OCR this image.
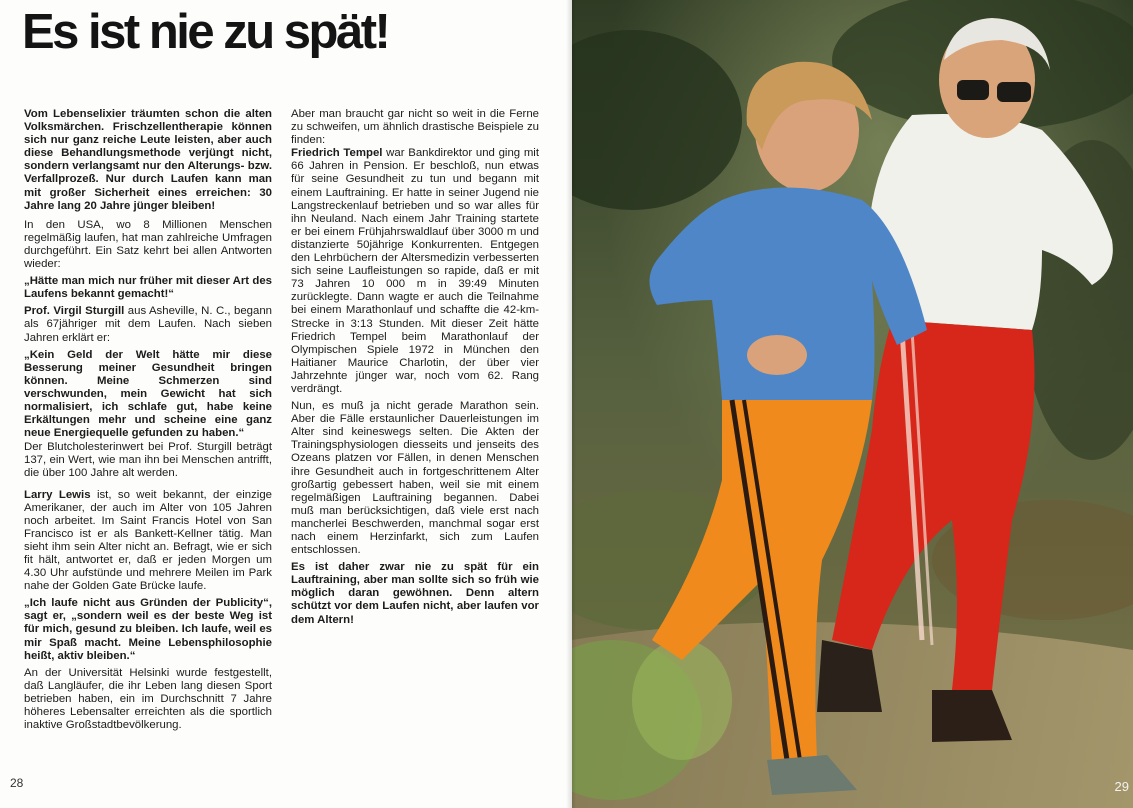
Es ist nie zu spät!

Vom Lebenselixier träumten schon die alten Volksmärchen. Frischzellentherapie können sich nur ganz reiche Leute leisten, aber auch diese Behandlungsmethode verjüngt nicht, sondern verlangsamt nur den Alterungs- bzw. Verfallprozeß. Nur durch Laufen kann man mit großer Sicherheit eines erreichen: 30 Jahre lang 20 Jahre jünger bleiben!

In den USA, wo 8 Millionen Menschen regelmäßig laufen, hat man zahlreiche Umfragen durchgeführt. Ein Satz kehrt bei allen Antworten wieder:

„Hätte man mich nur früher mit dieser Art des Laufens bekannt gemacht!“

Prof. Virgil Sturgill aus Asheville, N. C., begann als 67jähriger mit dem Laufen. Nach sieben Jahren erklärt er:

„Kein Geld der Welt hätte mir diese Besserung meiner Gesundheit bringen können. Meine Schmerzen sind verschwunden, mein Gewicht hat sich normalisiert, ich schlafe gut, habe keine Erkältungen mehr und scheine eine ganz neue Energiequelle gefunden zu haben.“

Der Blutcholesterinwert bei Prof. Sturgill beträgt 137, ein Wert, wie man ihn bei Menschen antrifft, die über 100 Jahre alt werden.

Larry Lewis ist, so weit bekannt, der einzige Amerikaner, der auch im Alter von 105 Jahren noch arbeitet. Im Saint Francis Hotel von San Francisco ist er als Bankett-Kellner tätig. Man sieht ihm sein Alter nicht an. Befragt, wie er sich fit hält, antwortet er, daß er jeden Morgen um 4.30 Uhr aufstünde und mehrere Meilen im Park nahe der Golden Gate Brücke laufe.

„Ich laufe nicht aus Gründen der Publicity“, sagt er, „sondern weil es der beste Weg ist für mich, gesund zu bleiben. Ich laufe, weil es mir Spaß macht. Meine Lebensphilosophie heißt, aktiv bleiben.“

An der Universität Helsinki wurde festgestellt, daß Langläufer, die ihr Leben lang diesen Sport betrieben haben, ein im Durchschnitt 7 Jahre höheres Lebensalter erreichten als die sportlich inaktive Großstadtbevölkerung.

Aber man braucht gar nicht so weit in die Ferne zu schweifen, um ähnlich drastische Beispiele zu finden:

Friedrich Tempel war Bankdirektor und ging mit 66 Jahren in Pension. Er beschloß, nun etwas für seine Gesundheit zu tun und begann mit einem Lauftraining. Er hatte in seiner Jugend nie Langstreckenlauf betrieben und so war alles für ihn Neuland. Nach einem Jahr Training startete er bei einem Frühjahrswaldlauf über 3000 m und distanzierte 50jährige Konkurrenten. Entgegen den Lehrbüchern der Altersmedizin verbesserten sich seine Laufleistungen so rapide, daß er mit 73 Jahren 10 000 m in 39:49 Minuten zurücklegte. Dann wagte er auch die Teilnahme bei einem Marathonlauf und schaffte die 42-km-Strecke in 3:13 Stunden. Mit dieser Zeit hätte Friedrich Tempel beim Marathonlauf der Olympischen Spiele 1972 in München den Haitianer Maurice Charlotin, der über vier Jahrzehnte jünger war, noch vom 62. Rang verdrängt.

Nun, es muß ja nicht gerade Marathon sein. Aber die Fälle erstaunlicher Dauerleistungen im Alter sind keineswegs selten. Die Akten der Trainingsphysiologen diesseits und jenseits des Ozeans platzen vor Fällen, in denen Menschen ihre Gesundheit auch in fortgeschrittenem Alter großartig gebessert haben, weil sie mit einem regelmäßigen Lauftraining begannen. Dabei muß man berücksichtigen, daß viele erst nach mancherlei Beschwerden, manchmal sogar erst nach einem Herzinfarkt, sich zum Laufen entschlossen.

Es ist daher zwar nie zu spät für ein Lauftraining, aber man sollte sich so früh wie möglich daran gewöhnen. Denn altern schützt vor dem Laufen nicht, aber laufen vor dem Altern!

28	29
